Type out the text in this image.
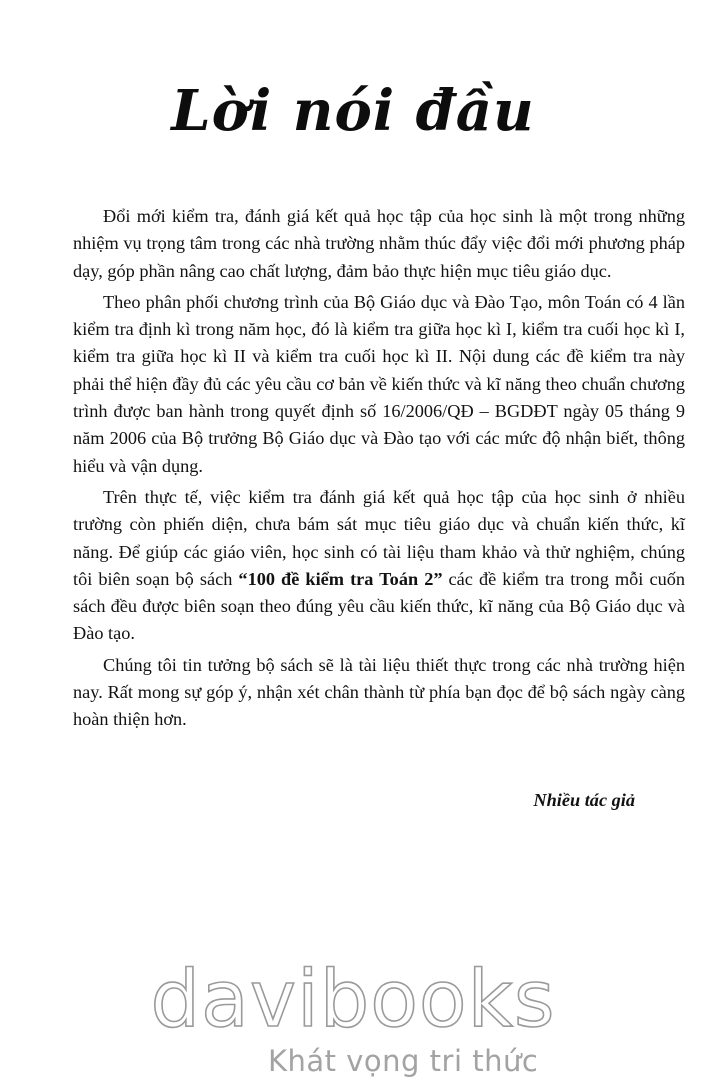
Lời nói đầu

Đổi mới kiểm tra, đánh giá kết quả học tập của học sinh là một trong những nhiệm vụ trọng tâm trong các nhà trường nhằm thúc đẩy việc đổi mới phương pháp dạy, góp phần nâng cao chất lượng, đảm bảo thực hiện mục tiêu giáo dục.

Theo phân phối chương trình của Bộ Giáo dục và Đào Tạo, môn Toán có 4 lần kiểm tra định kì trong năm học, đó là kiểm tra giữa học kì I, kiểm tra cuối học kì I, kiểm tra giữa học kì II và kiểm tra cuối học kì II. Nội dung các đề kiểm tra này phải thể hiện đầy đủ các yêu cầu cơ bản về kiến thức và kĩ năng theo chuẩn chương trình được ban hành trong quyết định số 16/2006/QĐ – BGDĐT ngày 05 tháng 9 năm 2006 của Bộ trưởng Bộ Giáo dục và Đào tạo với các mức độ nhận biết, thông hiểu và vận dụng.

Trên thực tế, việc kiểm tra đánh giá kết quả học tập của học sinh ở nhiều trường còn phiến diện, chưa bám sát mục tiêu giáo dục và chuẩn kiến thức, kĩ năng. Để giúp các giáo viên, học sinh có tài liệu tham khảo và thử nghiệm, chúng tôi biên soạn bộ sách “100 đề kiểm tra Toán 2” các đề kiểm tra trong mỗi cuốn sách đều được biên soạn theo đúng yêu cầu kiến thức, kĩ năng của Bộ Giáo dục và Đào tạo.

Chúng tôi tin tưởng bộ sách sẽ là tài liệu thiết thực trong các nhà trường hiện nay. Rất mong sự góp ý, nhận xét chân thành từ phía bạn đọc để bộ sách ngày càng hoàn thiện hơn.

Nhiều tác giả
davibooks
Khát vọng tri thức
